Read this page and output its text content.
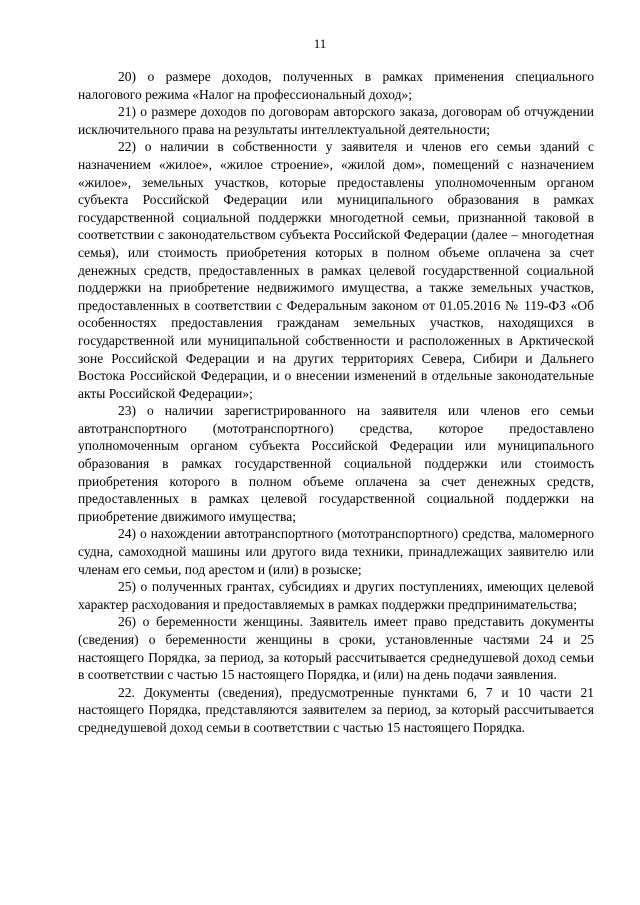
11

20) о размере доходов, полученных в рамках применения специального налогового режима «Налог на профессиональный доход»;

21) о размере доходов по договорам авторского заказа, договорам об отчуждении исключительного права на результаты интеллектуальной деятельности;

22) о наличии в собственности у заявителя и членов его семьи зданий с назначением «жилое», «жилое строение», «жилой дом», помещений с назначением «жилое», земельных участков, которые предоставлены уполномоченным органом субъекта Российской Федерации или муниципального образования в рамках государственной социальной поддержки многодетной семьи, признанной таковой в соответствии с законодательством субъекта Российской Федерации (далее – многодетная семья), или стоимость приобретения которых в полном объеме оплачена за счет денежных средств, предоставленных в рамках целевой государственной социальной поддержки на приобретение недвижимого имущества, а также земельных участков, предоставленных в соответствии с Федеральным законом от 01.05.2016 № 119-ФЗ «Об особенностях предоставления гражданам земельных участков, находящихся в государственной или муниципальной собственности и расположенных в Арктической зоне Российской Федерации и на других территориях Севера, Сибири и Дальнего Востока Российской Федерации, и о внесении изменений в отдельные законодательные акты Российской Федерации»;

23) о наличии зарегистрированного на заявителя или членов его семьи автотранспортного (мототранспортного) средства, которое предоставлено уполномоченным органом субъекта Российской Федерации или муниципального образования в рамках государственной социальной поддержки или стоимость приобретения которого в полном объеме оплачена за счет денежных средств, предоставленных в рамках целевой государственной социальной поддержки на приобретение движимого имущества;

24) о нахождении автотранспортного (мототранспортного) средства, маломерного судна, самоходной машины или другого вида техники, принадлежащих заявителю или членам его семьи, под арестом и (или) в розыске;

25) о полученных грантах, субсидиях и других поступлениях, имеющих целевой характер расходования и предоставляемых в рамках поддержки предпринимательства;

26) о беременности женщины. Заявитель имеет право представить документы (сведения) о беременности женщины в сроки, установленные частями 24 и 25 настоящего Порядка, за период, за который рассчитывается среднедушевой доход семьи в соответствии с частью 15 настоящего Порядка, и (или) на день подачи заявления.

22. Документы (сведения), предусмотренные пунктами 6, 7 и 10 части 21 настоящего Порядка, представляются заявителем за период, за который рассчитывается среднедушевой доход семьи в соответствии с частью 15 настоящего Порядка.
